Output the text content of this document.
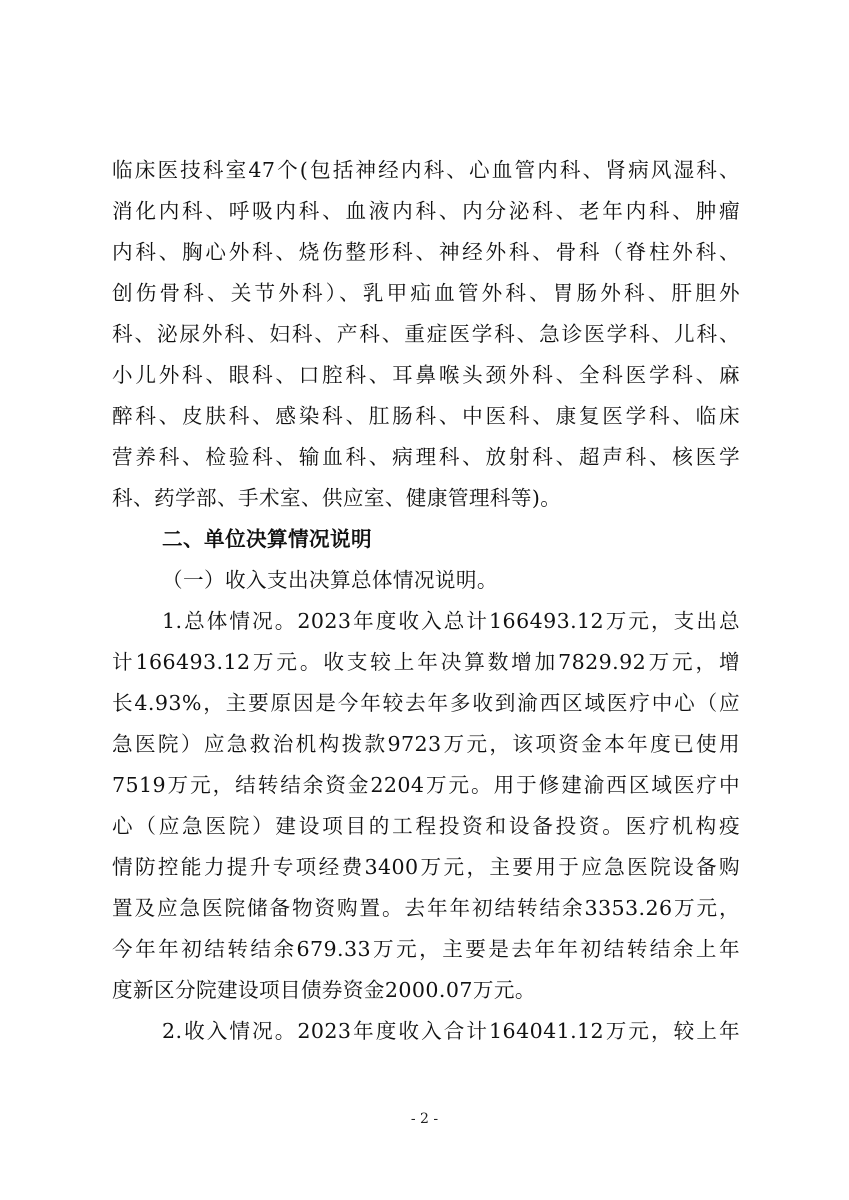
临床医技科室47个(包括神经内科、心血管内科、肾病风湿科、
消化内科、呼吸内科、血液内科、内分泌科、老年内科、肿瘤
内科、胸心外科、烧伤整形科、神经外科、骨科（脊柱外科、
创伤骨科、关节外科）、乳甲疝血管外科、胃肠外科、肝胆外
科、泌尿外科、妇科、产科、重症医学科、急诊医学科、儿科、
小儿外科、眼科、口腔科、耳鼻喉头颈外科、全科医学科、麻
醉科、皮肤科、感染科、肛肠科、中医科、康复医学科、临床
营养科、检验科、输血科、病理科、放射科、超声科、核医学
科、药学部、手术室、供应室、健康管理科等)。
二、单位决算情况说明
（一）收入支出决算总体情况说明。
1.总体情况。2023年度收入总计166493.12万元，支出总
计166493.12万元。收支较上年决算数增加7829.92万元，增
长4.93%，主要原因是今年较去年多收到渝西区域医疗中心（应
急医院）应急救治机构拨款9723万元，该项资金本年度已使用
7519万元，结转结余资金2204万元。用于修建渝西区域医疗中
心（应急医院）建设项目的工程投资和设备投资。医疗机构疫
情防控能力提升专项经费3400万元，主要用于应急医院设备购
置及应急医院储备物资购置。去年年初结转结余3353.26万元，
今年年初结转结余679.33万元，主要是去年年初结转结余上年
度新区分院建设项目债券资金2000.07万元。
2.收入情况。2023年度收入合计164041.12万元，较上年
- 2 -
